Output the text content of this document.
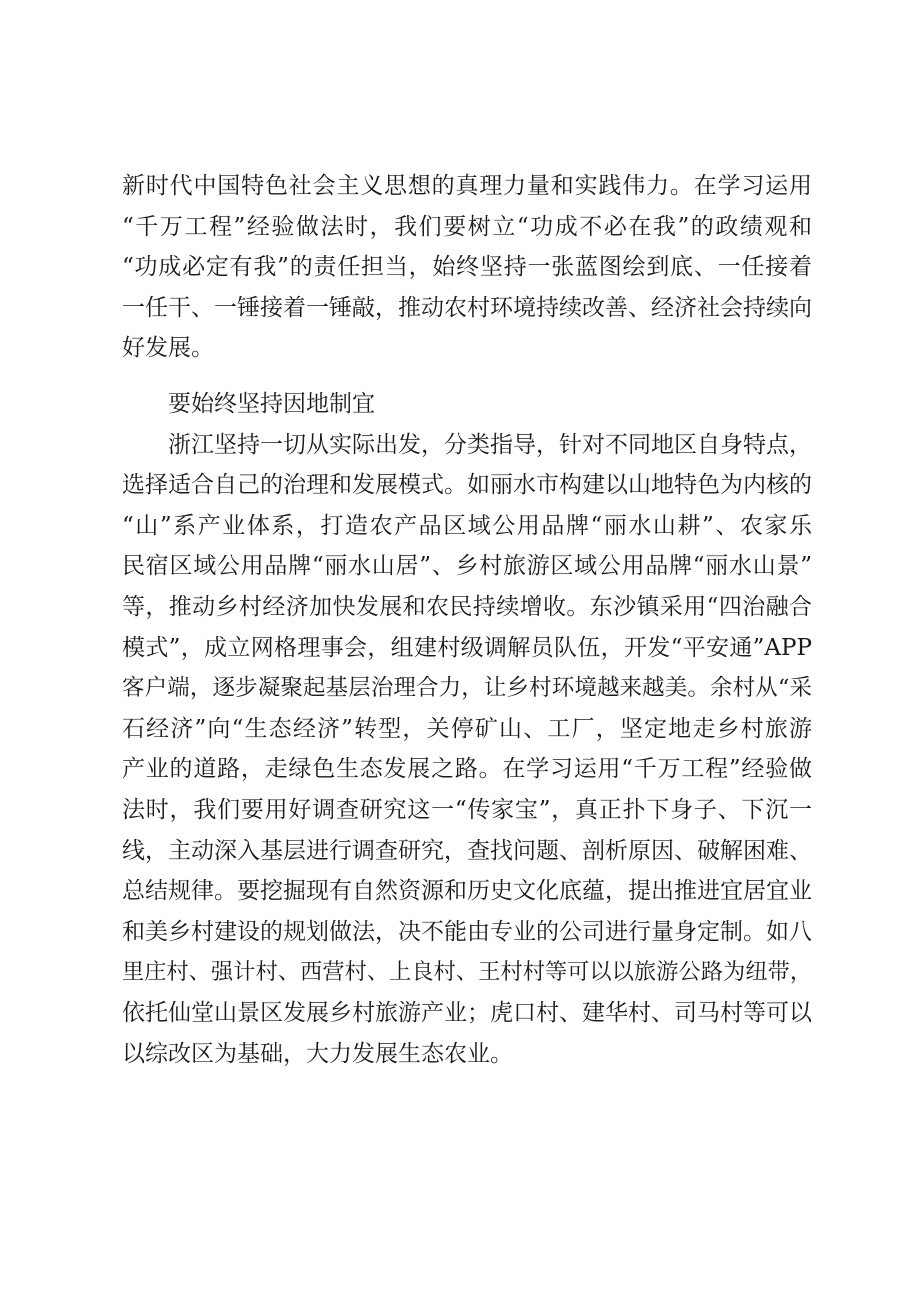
新时代中国特色社会主义思想的真理力量和实践伟力。在学习运用
“千万工程”经验做法时，我们要树立“功成不必在我”的政绩观和
“功成必定有我”的责任担当，始终坚持一张蓝图绘到底、一任接着
一任干、一锤接着一锤敲，推动农村环境持续改善、经济社会持续向
好发展。
要始终坚持因地制宜
浙江坚持一切从实际出发，分类指导，针对不同地区自身特点，
选择适合自己的治理和发展模式。如丽水市构建以山地特色为内核的
“山”系产业体系，打造农产品区域公用品牌“丽水山耕”、农家乐
民宿区域公用品牌“丽水山居”、乡村旅游区域公用品牌“丽水山景”
等，推动乡村经济加快发展和农民持续增收。东沙镇采用“四治融合
模式”，成立网格理事会，组建村级调解员队伍，开发“平安通”APP
客户端，逐步凝聚起基层治理合力，让乡村环境越来越美。余村从“采
石经济”向“生态经济”转型，关停矿山、工厂，坚定地走乡村旅游
产业的道路，走绿色生态发展之路。在学习运用“千万工程”经验做
法时，我们要用好调查研究这一“传家宝”，真正扑下身子、下沉一
线，主动深入基层进行调查研究，查找问题、剖析原因、破解困难、
总结规律。要挖掘现有自然资源和历史文化底蕴，提出推进宜居宜业
和美乡村建设的规划做法，决不能由专业的公司进行量身定制。如八
里庄村、强计村、西营村、上良村、王村村等可以以旅游公路为纽带，
依托仙堂山景区发展乡村旅游产业；虎口村、建华村、司马村等可以
以综改区为基础，大力发展生态农业。
